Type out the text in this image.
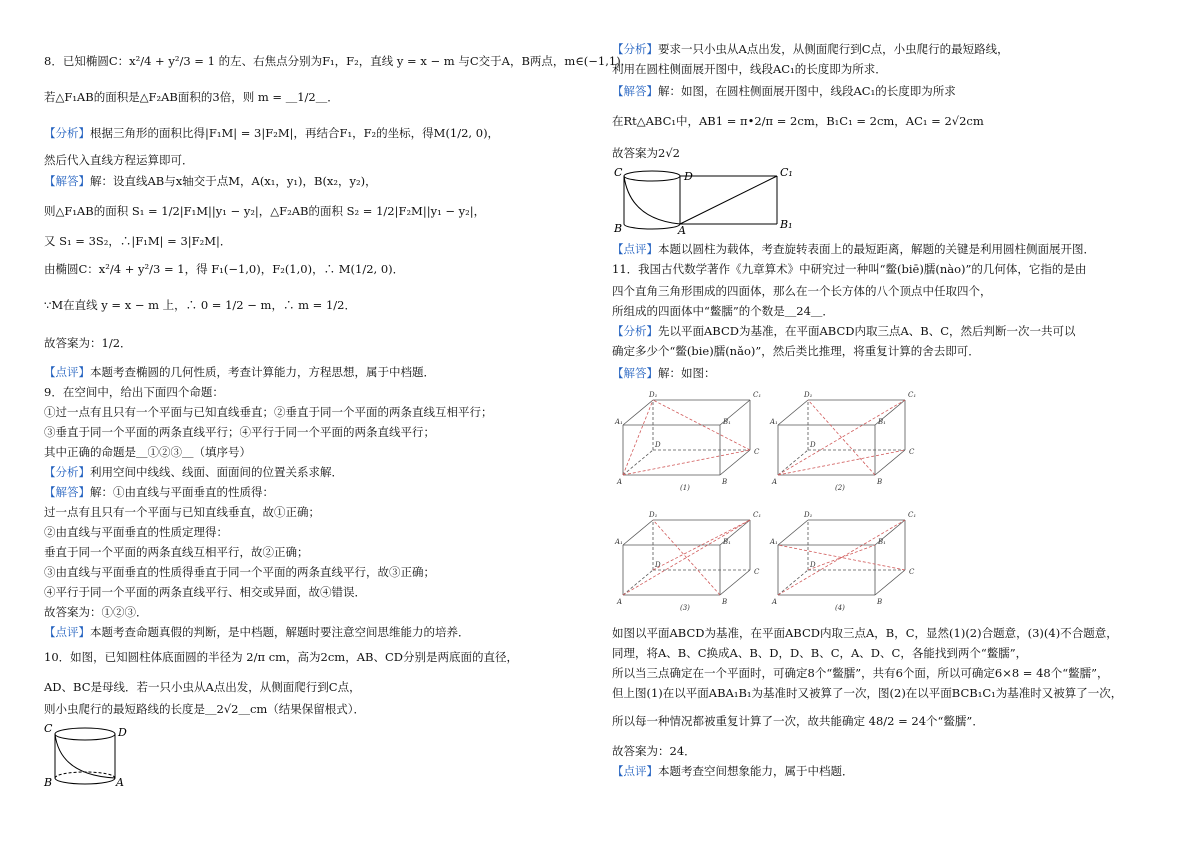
8．已知椭圆C：x²/4 + y²/3 = 1 的左、右焦点分别为F₁，F₂，直线 y = x − m 与C交于A，B两点，m∈(−1,1)．
若△F₁AB的面积是△F₂AB面积的3倍，则 m = ＿1/2＿．
【分析】根据三角形的面积比得|F₁M| = 3|F₂M|，再结合F₁，F₂的坐标，得M(1/2, 0)，
然后代入直线方程运算即可．
【解答】解：设直线AB与x轴交于点M，A(x₁，y₁)，B(x₂，y₂)，
则△F₁AB的面积 S₁ = 1/2|F₁M||y₁ − y₂|，△F₂AB的面积 S₂ = 1/2|F₂M||y₁ − y₂|，
又 S₁ = 3S₂，∴|F₁M| = 3|F₂M|．
由椭圆C：x²/4 + y²/3 = 1，得 F₁(−1,0)，F₂(1,0)，∴ M(1/2, 0)．
∵M在直线 y = x − m 上，∴ 0 = 1/2 − m，∴ m = 1/2．
故答案为：1/2．
【点评】本题考查椭圆的几何性质，考查计算能力，方程思想，属于中档题．
9．在空间中，给出下面四个命题：
①过一点有且只有一个平面与已知直线垂直；②垂直于同一个平面的两条直线互相平行；
③垂直于同一个平面的两条直线平行；④平行于同一个平面的两条直线平行；
其中正确的命题是＿①②③＿（填序号）
【分析】利用空间中线线、线面、面面间的位置关系求解．
【解答】解：①由直线与平面垂直的性质得：
过一点有且只有一个平面与已知直线垂直，故①正确；
②由直线与平面垂直的性质定理得：
垂直于同一个平面的两条直线互相平行，故②正确；
③由直线与平面垂直的性质得垂直于同一个平面的两条直线平行，故③正确；
④平行于同一个平面的两条直线平行、相交或异面，故④错误．
故答案为：①②③．
【点评】本题考查命题真假的判断，是中档题，解题时要注意空间思维能力的培养．
10．如图，已知圆柱体底面圆的半径为 2/π cm，高为2cm，AB、CD分别是两底面的直径，
AD、BC是母线．若一只小虫从A点出发，从侧面爬行到C点，
则小虫爬行的最短路线的长度是＿2√2＿cm（结果保留根式）．
C	D
B	A
【分析】要求一只小虫从A点出发，从侧面爬行到C点，小虫爬行的最短路线，
利用在圆柱侧面展开图中，线段AC₁的长度即为所求．
【解答】解：如图，在圆柱侧面展开图中，线段AC₁的长度即为所求
在Rt△ABC₁中，AB1 = π•2/π = 2cm，B₁C₁ = 2cm，AC₁ = 2√2cm
故答案为2√2
C	D	C₁
B	A	B₁
【点评】本题以圆柱为载体，考查旋转表面上的最短距离，解题的关键是利用圆柱侧面展开图．
11．我国古代数学著作《九章算术》中研究过一种叫“鳖(biē)臑(nào)”的几何体，它指的是由
四个直角三角形围成的四面体，那么在一个长方体的八个顶点中任取四个，
所组成的四面体中“鳖臑”的个数是＿24＿．
【分析】先以平面ABCD为基准，在平面ABCD内取三点A、B、C，然后判断一次一共可以
确定多少个“鳖(bie)臑(nǎo)”，然后类比推理，将重复计算的舍去即可．
【解答】解：如图：
D₁	C₁
A₁	B₁
D
C
A	B
(1)
D₁	C₁
A₁	B₁
D
C
A	B
(2)
D₁	C₁
A₁	B₁
D
C
A	B
(3)
D₁	C₁
A₁	B₁
D
C
A	B
(4)
如图以平面ABCD为基准，在平面ABCD内取三点A，B，C，显然(1)(2)合题意，(3)(4)不合题意，
同理，将A、B、C换成A、B、D，D、B、C，A、D、C，各能找到两个“鳖臑”，
所以当三点确定在一个平面时，可确定8个“鳖臑”，共有6个面，所以可确定6×8 = 48个“鳖臑”，
但上图(1)在以平面ABA₁B₁为基准时又被算了一次，图(2)在以平面BCB₁C₁为基准时又被算了一次，
所以每一种情况都被重复计算了一次，故共能确定 48/2 = 24个“鳖臑”．
故答案为：24．
【点评】本题考查空间想象能力，属于中档题．
